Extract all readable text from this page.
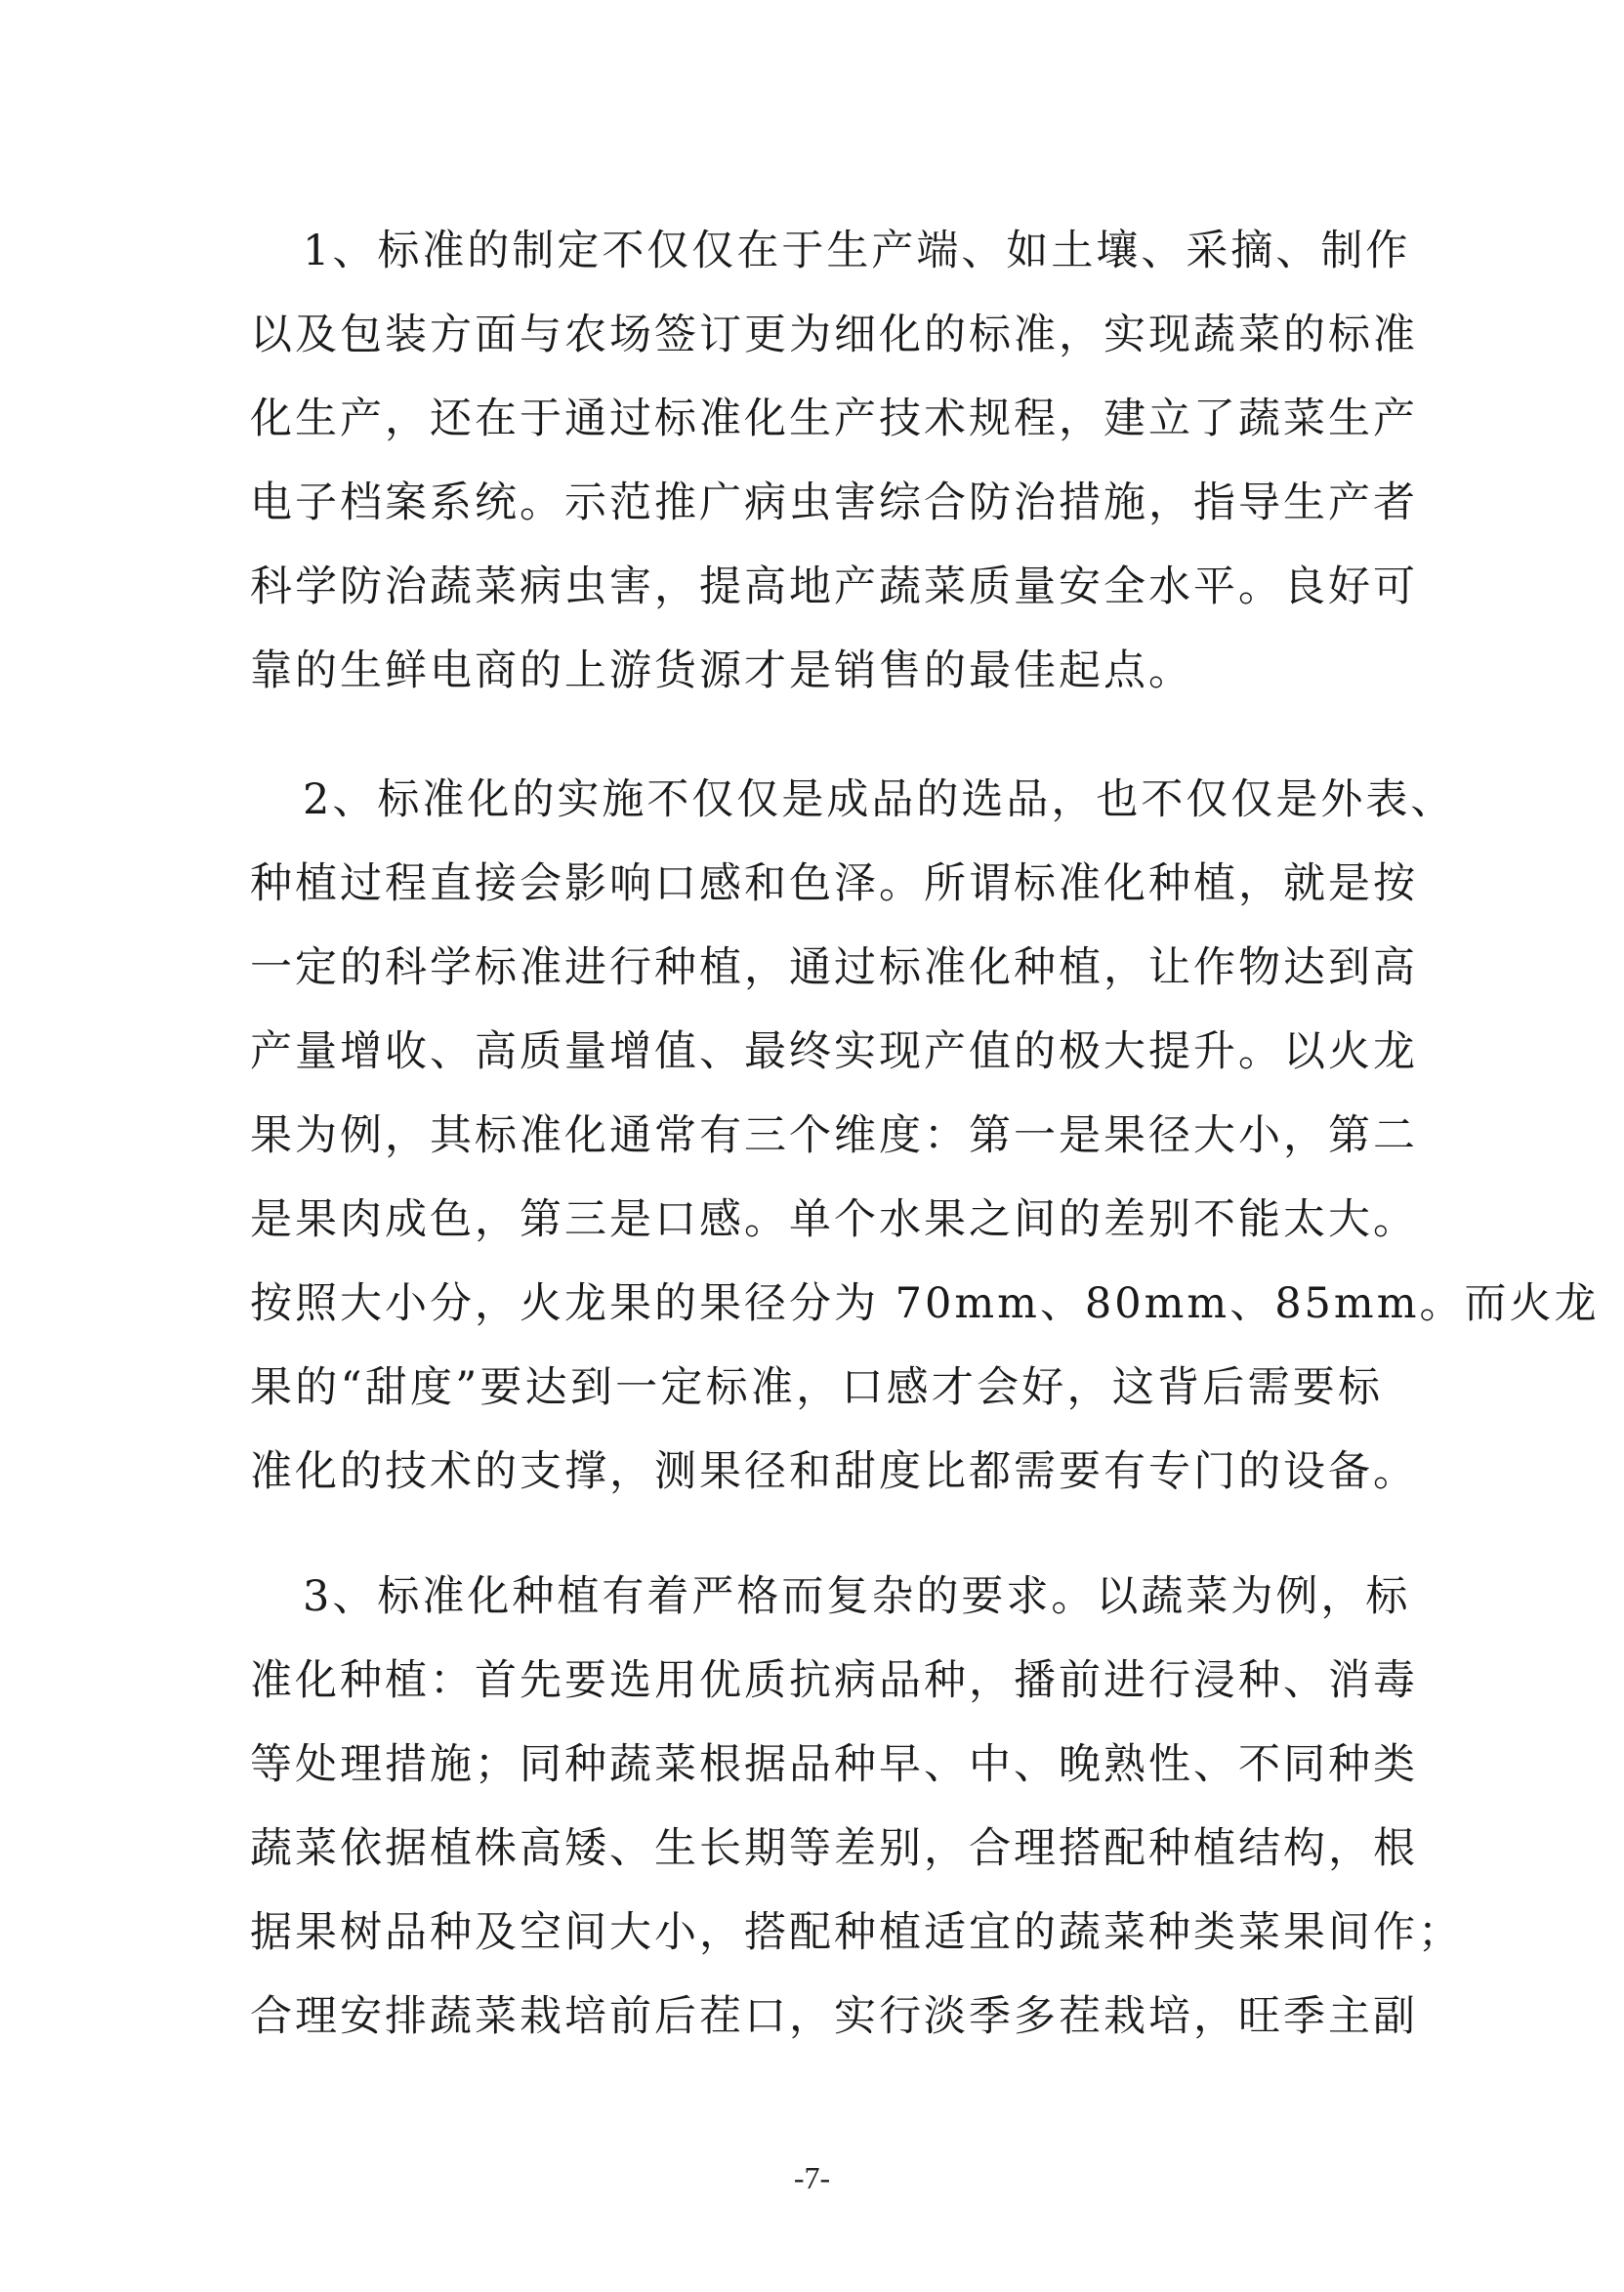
1、标准的制定不仅仅在于生产端、如土壤、采摘、制作
以及包装方面与农场签订更为细化的标准，实现蔬菜的标准
化生产，还在于通过标准化生产技术规程，建立了蔬菜生产
电子档案系统。示范推广病虫害综合防治措施，指导生产者
科学防治蔬菜病虫害，提高地产蔬菜质量安全水平。良好可
靠的生鲜电商的上游货源才是销售的最佳起点。
2、标准化的实施不仅仅是成品的选品，也不仅仅是外表、
种植过程直接会影响口感和色泽。所谓标准化种植，就是按
一定的科学标准进行种植，通过标准化种植，让作物达到高
产量增收、高质量增值、最终实现产值的极大提升。以火龙
果为例，其标准化通常有三个维度：第一是果径大小，第二
是果肉成色，第三是口感。单个水果之间的差别不能太大。
按照大小分，火龙果的果径分为 70mm、80mm、85mm。而火龙
果的“甜度”要达到一定标准，口感才会好，这背后需要标
准化的技术的支撑，测果径和甜度比都需要有专门的设备。
3、标准化种植有着严格而复杂的要求。以蔬菜为例，标
准化种植：首先要选用优质抗病品种，播前进行浸种、消毒
等处理措施；同种蔬菜根据品种早、中、晚熟性、不同种类
蔬菜依据植株高矮、生长期等差别，合理搭配种植结构，根
据果树品种及空间大小，搭配种植适宜的蔬菜种类菜果间作；
合理安排蔬菜栽培前后茬口，实行淡季多茬栽培，旺季主副
-7-
